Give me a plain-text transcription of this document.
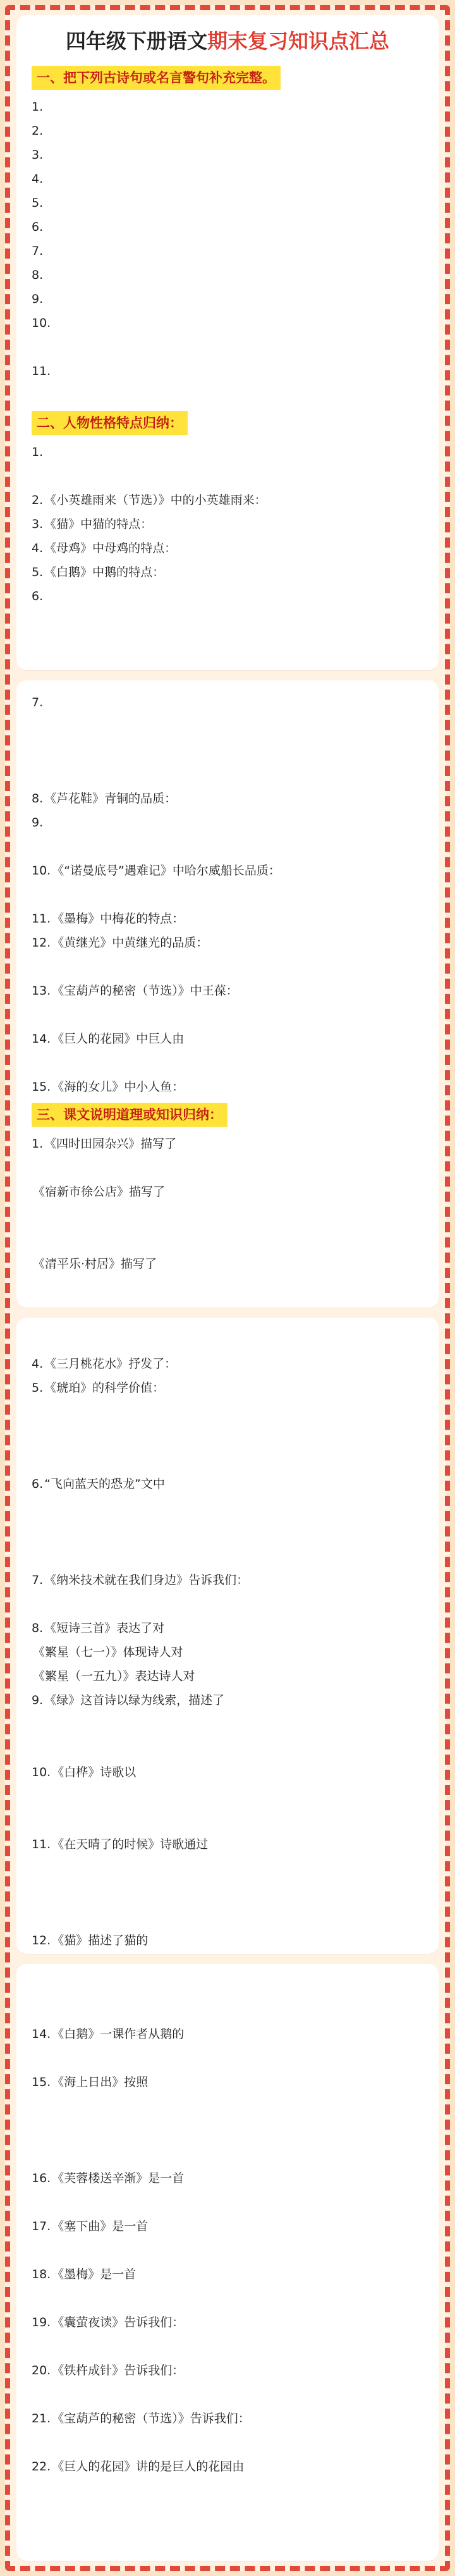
四年级下册语文期末复习知识点汇总
一、把下列古诗句或名言警句补充完整。
1.
2.
3.
4.
5.
6.
7.
8.
9.
10.
11.
二、人物性格特点归纳：
1.
2. 《小英雄雨来（节选）》中的小英雄雨来：
3. 《猫》中猫的特点：
4. 《母鸡》中母鸡的特点：
5. 《白鹅》中鹅的特点：
6.
7.
8. 《芦花鞋》青铜的品质：
9.
10. 《“诺曼底号”遇难记》中哈尔威船长品质：
11. 《墨梅》中梅花的特点：
12. 《黄继光》中黄继光的品质：
13. 《宝葫芦的秘密（节选）》中王葆：
14. 《巨人的花园》中巨人由
15. 《海的女儿》中小人鱼：
三、课文说明道理或知识归纳：
1. 《四时田园杂兴》描写了
《宿新市徐公店》描写了
《清平乐·村居》描写了
4. 《三月桃花水》抒发了：
5. 《琥珀》的科学价值：
6. “飞向蓝天的恐龙”文中
7. 《纳米技术就在我们身边》告诉我们：
8. 《短诗三首》表达了对
《繁星（七一）》体现诗人对
《繁星（一五九）》表达诗人对
9. 《绿》这首诗以绿为线索，描述了
10. 《白桦》诗歌以
11. 《在天晴了的时候》诗歌通过
12. 《猫》描述了猫的
14. 《白鹅》一课作者从鹅的
15. 《海上日出》按照
16. 《芙蓉楼送辛渐》是一首
17. 《塞下曲》是一首
18. 《墨梅》是一首
19. 《囊萤夜读》告诉我们：
20. 《铁杵成针》告诉我们：
21. 《宝葫芦的秘密（节选）》告诉我们：
22. 《巨人的花园》讲的是巨人的花园由
